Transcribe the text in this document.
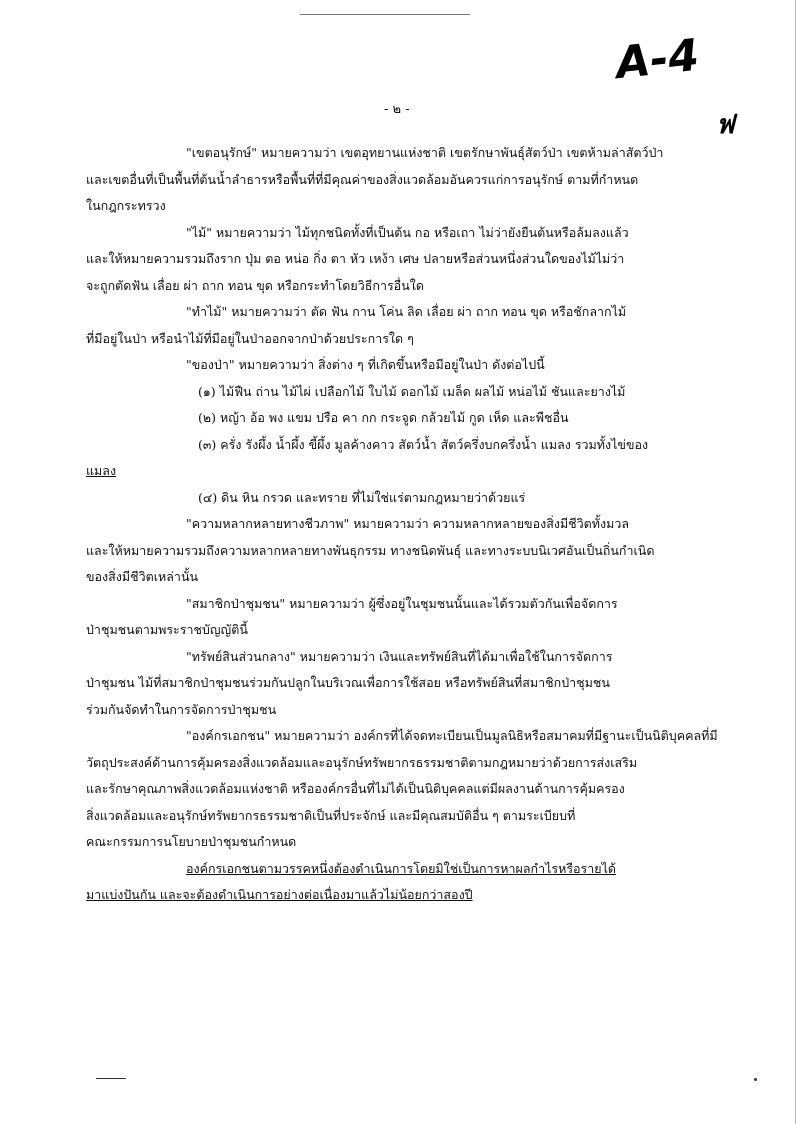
A-4
ฟ
- ๒ -
"เขตอนุรักษ์" หมายความว่า เขตอุทยานแห่งชาติ เขตรักษาพันธุ์สัตว์ป่า เขตห้ามล่าสัตว์ป่า
และเขตอื่นที่เป็นพื้นที่ต้นน้ำลำธารหรือพื้นที่ที่มีคุณค่าของสิ่งแวดล้อมอันควรแก่การอนุรักษ์ ตามที่กำหนด
ในกฎกระทรวง
"ไม้" หมายความว่า ไม้ทุกชนิดทั้งที่เป็นต้น กอ หรือเถา ไม่ว่ายังยืนต้นหรือล้มลงแล้ว
และให้หมายความรวมถึงราก ปุ่ม ตอ หน่อ กิ่ง ตา หัว เหง้า เศษ ปลายหรือส่วนหนึ่งส่วนใดของไม้ไม่ว่า
จะถูกตัดฟัน เลื่อย ผ่า ถาก ทอน ขุด หรือกระทำโดยวิธีการอื่นใด
"ทำไม้" หมายความว่า ตัด ฟัน กาน โค่น ลิด เลื่อย ผ่า ถาก ทอน ขุด หรือชักลากไม้
ที่มีอยู่ในป่า หรือนำไม้ที่มีอยู่ในป่าออกจากป่าด้วยประการใด ๆ
"ของป่า" หมายความว่า สิ่งต่าง ๆ ที่เกิดขึ้นหรือมีอยู่ในป่า ดังต่อไปนี้
(๑) ไม้ฟืน ถ่าน ไม้ไผ่ เปลือกไม้ ใบไม้ ดอกไม้ เมล็ด ผลไม้ หน่อไม้ ชันและยางไม้
(๒) หญ้า อ้อ พง แขม ปรือ คา กก กระจูด กล้วยไม้ กูด เห็ด และพืชอื่น
(๓) ครั่ง รังผึ้ง น้ำผึ้ง ขี้ผึ้ง มูลค้างคาว สัตว์น้ำ สัตว์ครึ่งบกครึ่งน้ำ แมลง รวมทั้งไข่ของ
แมลง
(๔) ดิน หิน กรวด และทราย ที่ไม่ใช่แร่ตามกฎหมายว่าด้วยแร่
"ความหลากหลายทางชีวภาพ" หมายความว่า ความหลากหลายของสิ่งมีชีวิตทั้งมวล
และให้หมายความรวมถึงความหลากหลายทางพันธุกรรม ทางชนิดพันธุ์ และทางระบบนิเวศอันเป็นถิ่นกำเนิด
ของสิ่งมีชีวิตเหล่านั้น
"สมาชิกป่าชุมชน" หมายความว่า ผู้ซึ่งอยู่ในชุมชนนั้นและได้รวมตัวกันเพื่อจัดการ
ป่าชุมชนตามพระราชบัญญัตินี้
"ทรัพย์สินส่วนกลาง" หมายความว่า เงินและทรัพย์สินที่ได้มาเพื่อใช้ในการจัดการ
ป่าชุมชน ไม้ที่สมาชิกป่าชุมชนร่วมกันปลูกในบริเวณเพื่อการใช้สอย หรือทรัพย์สินที่สมาชิกป่าชุมชน
ร่วมกันจัดทำในการจัดการป่าชุมชน
"องค์กรเอกชน" หมายความว่า องค์กรที่ได้จดทะเบียนเป็นมูลนิธิหรือสมาคมที่มีฐานะเป็นนิติบุคคลที่มี
วัตถุประสงค์ด้านการคุ้มครองสิ่งแวดล้อมและอนุรักษ์ทรัพยากรธรรมชาติตามกฎหมายว่าด้วยการส่งเสริม
และรักษาคุณภาพสิ่งแวดล้อมแห่งชาติ หรือองค์กรอื่นที่ไม่ได้เป็นนิติบุคคลแต่มีผลงานด้านการคุ้มครอง
สิ่งแวดล้อมและอนุรักษ์ทรัพยากรธรรมชาติเป็นที่ประจักษ์ และมีคุณสมบัติอื่น ๆ ตามระเบียบที่
คณะกรรมการนโยบายป่าชุมชนกำหนด
องค์กรเอกชนตามวรรคหนึ่งต้องดำเนินการโดยมิใช่เป็นการหาผลกำไรหรือรายได้
มาแบ่งปันกัน และจะต้องดำเนินการอย่างต่อเนื่องมาแล้วไม่น้อยกว่าสองปี
